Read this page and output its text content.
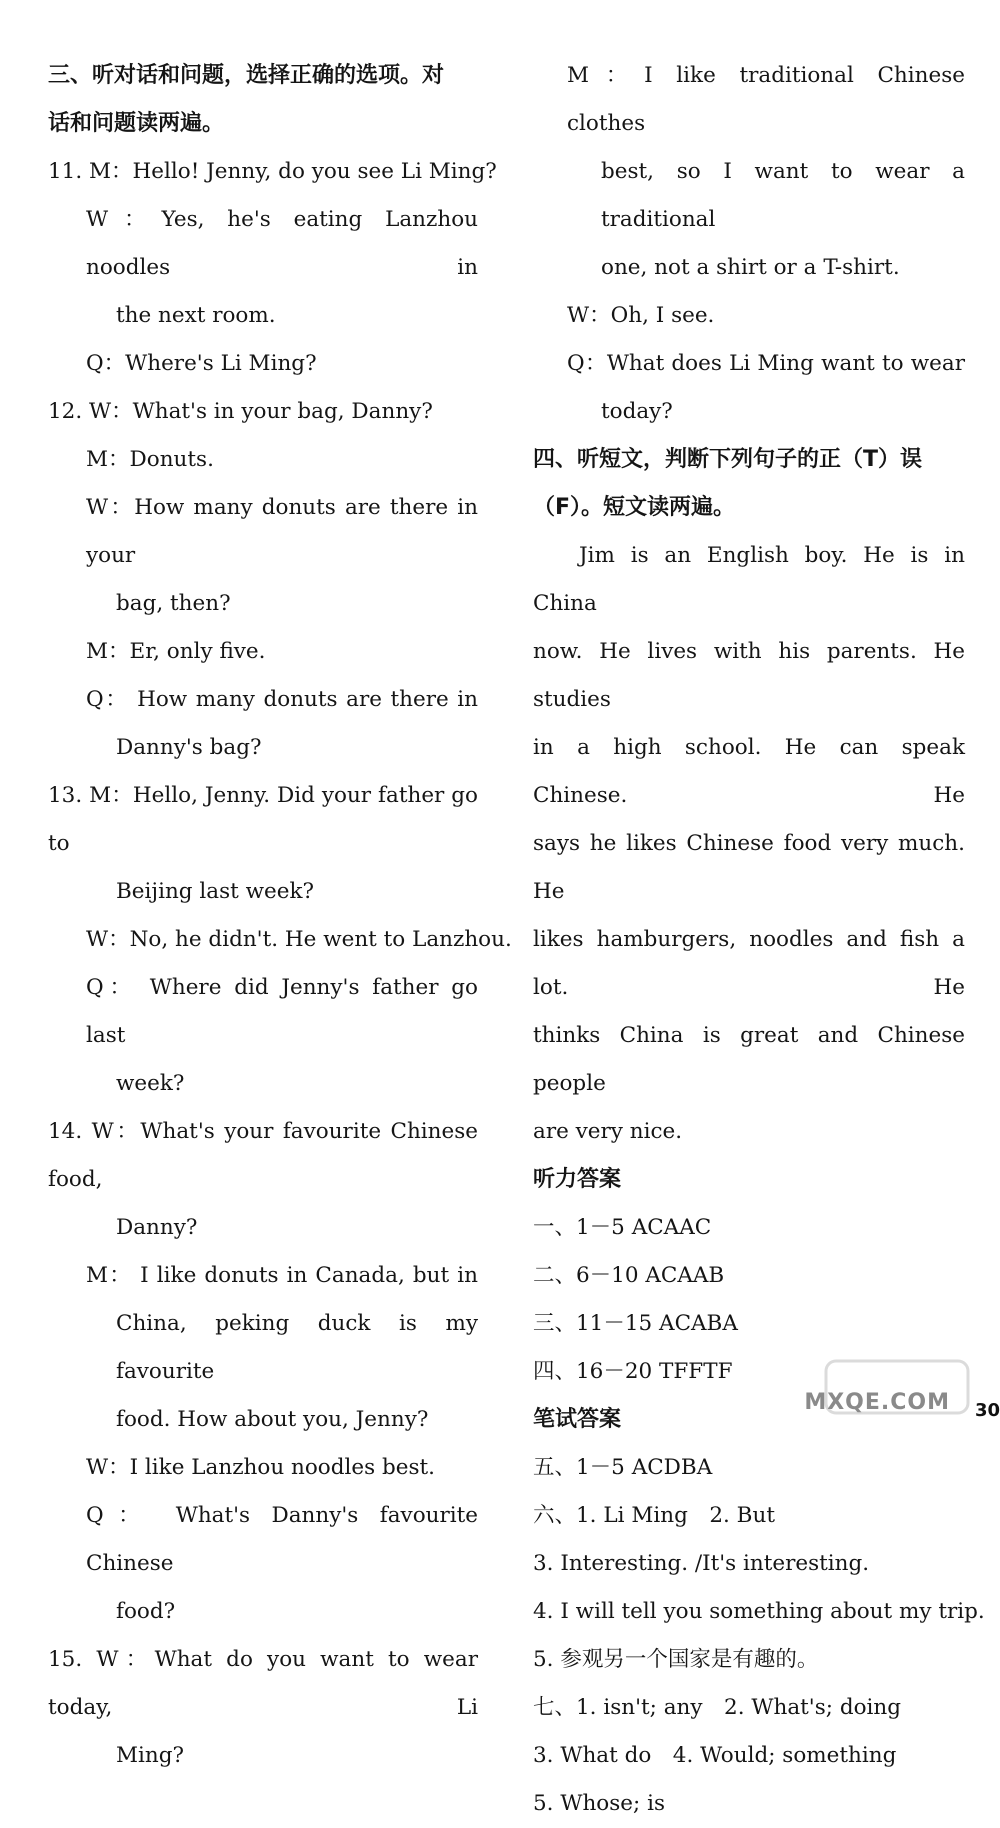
三、听对话和问题，选择正确的选项。对
话和问题读两遍。
11. M：Hello! Jenny, do you see Li Ming?
W：Yes, he's eating Lanzhou noodles in
the next room.
Q：Where's Li Ming?
12. W：What's in your bag, Danny?
M：Donuts.
W：How many donuts are there in your
bag, then?
M：Er, only five.
Q： How many donuts are there in
Danny's bag?
13. M：Hello, Jenny. Did your father go to
Beijing last week?
W：No, he didn't. He went to Lanzhou.
Q： Where did Jenny's father go last
week?
14. W：What's your favourite Chinese food,
Danny?
M： I like donuts in Canada, but in
China, peking duck is my favourite
food. How about you, Jenny?
W：I like Lanzhou noodles best.
Q： What's Danny's favourite Chinese
food?
15. W：What do you want to wear today, Li
Ming?
M：I like traditional Chinese clothes
best, so I want to wear a traditional
one, not a shirt or a T-shirt.
W：Oh, I see.
Q：What does Li Ming want to wear
today?
四、听短文，判断下列句子的正（T）误
（F）。短文读两遍。
Jim is an English boy. He is in China
now. He lives with his parents. He studies
in a high school. He can speak Chinese. He
says he likes Chinese food very much. He
likes hamburgers, noodles and fish a lot. He
thinks China is great and Chinese people
are very nice.
听力答案
一、1－5 ACAAC
二、6－10 ACAAB
三、11－15 ACABA
四、16－20 TFFTF
笔试答案
五、1－5 ACDBA
六、1. Li Ming　2. But
3. Interesting. /It's interesting.
4. I will tell you something about my trip.
5. 参观另一个国家是有趣的。
七、1. isn't; any　2. What's; doing
3. What do　4. Would; something
5. Whose; is
MXQE.COM 30
